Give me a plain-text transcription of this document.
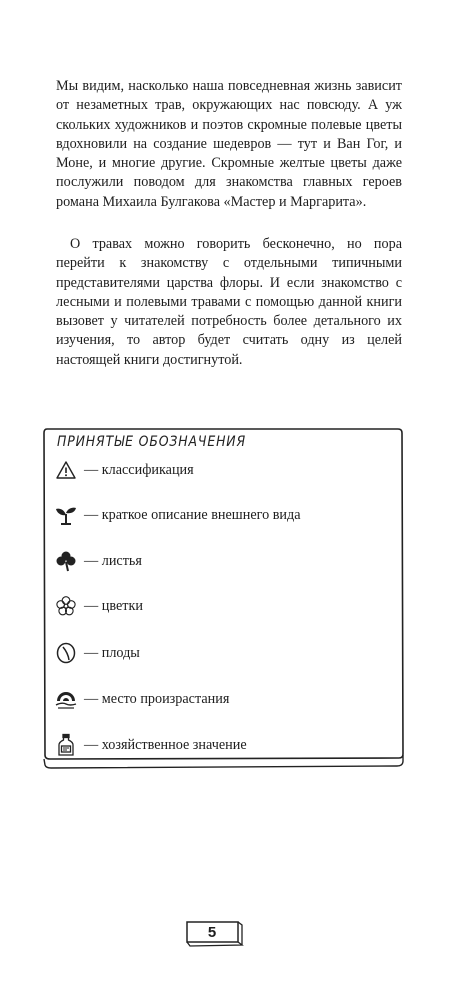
Мы видим, насколько наша повседневная жизнь зависит от незаметных трав, окружающих нас повсюду. А уж скольких художников и поэтов скромные полевые цветы вдохновили на создание шедевров — тут и Ван Гог, и Моне, и многие другие. Скромные желтые цветы даже послужили поводом для знакомства главных героев романа Михаила Булгакова «Мастер и Маргарита».

О травах можно говорить бесконечно, но пора перейти к знакомству с отдельными типичными представителями царства флоры. И если знакомство с лесными и полевыми травами с помощью данной книги вызовет у читателей потребность более детального их изучения, то автор будет считать одну из целей настоящей книги достигнутой.

ПРИНЯТЫЕ ОБОЗНАЧЕНИЯ
— классификация
— краткое описание внешнего вида
— листья
— цветки
— плоды
— место произрастания
— хозяйственное значение
5
